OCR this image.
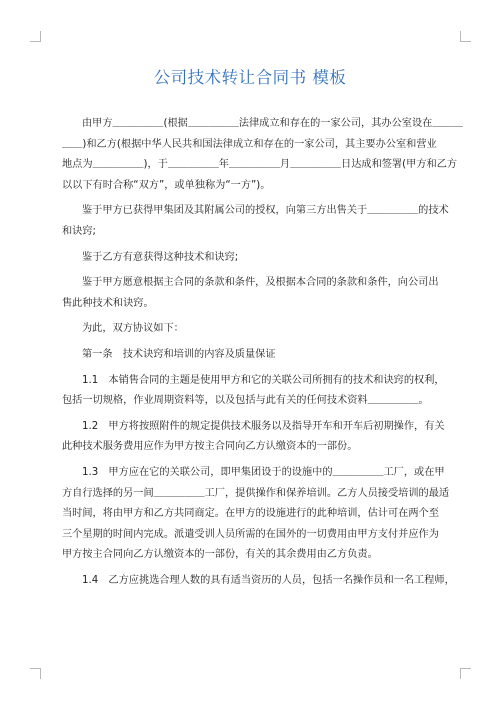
公司技术转让合同书 模板

由甲方＿＿＿＿＿(根据＿＿＿＿＿法律成立和存在的一家公司，其办公室设在＿＿＿
＿＿)和乙方(根据中华人民共和国法律成立和存在的一家公司，其主要办公室和营业
地点为＿＿＿＿＿)，于＿＿＿＿＿年＿＿＿＿＿月＿＿＿＿＿日达成和签署(甲方和乙方
以以下有时合称“双方”，或单独称为“一方”)。

鉴于甲方已获得甲集团及其附属公司的授权，向第三方出售关于＿＿＿＿＿的技术
和诀窍;

鉴于乙方有意获得这种技术和诀窍;

鉴于甲方愿意根据主合同的条款和条件，及根据本合同的条款和条件，向公司出
售此种技术和诀窍。

为此，双方协议如下：

第一条　技术诀窍和培训的内容及质量保证

1.1　本销售合同的主题是使用甲方和它的关联公司所拥有的技术和诀窍的权利，
包括一切规格，作业周期资料等，以及包括与此有关的任何技术资料＿＿＿＿＿。

1.2　甲方将按照附件的规定提供技术服务以及指导开车和开车后初期操作，有关
此种技术服务费用应作为甲方按主合同向乙方认缴资本的一部份。

1.3　甲方应在它的关联公司，即甲集团设于的设施中的＿＿＿＿＿工厂，或在甲
方自行选择的另一间＿＿＿＿＿工厂，提供操作和保养培训。乙方人员接受培训的最适
当时间，将由甲方和乙方共同商定。在甲方的设施进行的此种培训，估计可在两个至
三个星期的时间内完成。派遣受训人员所需的在国外的一切费用由甲方支付并应作为
甲方按主合同向乙方认缴资本的一部份，有关的其余费用由乙方负责。

1.4　乙方应挑选合理人数的具有适当资历的人员，包括一名操作员和一名工程师，
